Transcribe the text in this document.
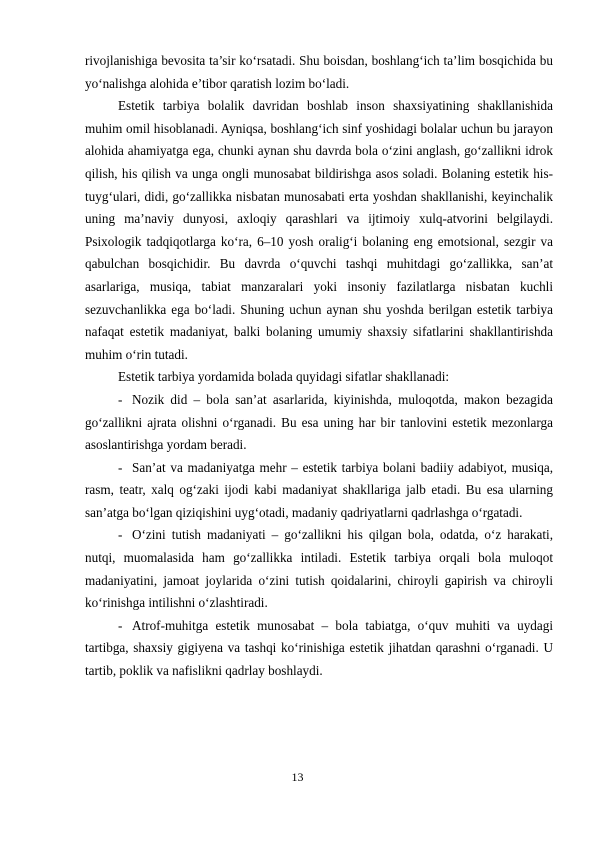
rivojlanishiga bevosita ta’sir ko‘rsatadi. Shu boisdan, boshlang‘ich ta’lim bosqichida bu yo‘nalishga alohida e’tibor qaratish lozim bo‘ladi.

Estetik tarbiya bolalik davridan boshlab inson shaxsiyatining shakllanishida muhim omil hisoblanadi. Ayniqsa, boshlang‘ich sinf yoshidagi bolalar uchun bu jarayon alohida ahamiyatga ega, chunki aynan shu davrda bola o‘zini anglash, go‘zallikni idrok qilish, his qilish va unga ongli munosabat bildirishga asos soladi. Bolaning estetik his-tuyg‘ulari, didi, go‘zallikka nisbatan munosabati erta yoshdan shakllanishi, keyinchalik uning ma’naviy dunyosi, axloqiy qarashlari va ijtimoiy xulq-atvorini belgilaydi. Psixologik tadqiqotlarga ko‘ra, 6–10 yosh oralig‘i bolaning eng emotsional, sezgir va qabulchan bosqichidir. Bu davrda o‘quvchi tashqi muhitdagi go‘zallikka, san’at asarlariga, musiqa, tabiat manzaralari yoki insoniy fazilatlarga nisbatan kuchli sezuvchanlikka ega bo‘ladi. Shuning uchun aynan shu yoshda berilgan estetik tarbiya nafaqat estetik madaniyat, balki bolaning umumiy shaxsiy sifatlarini shakllantirishda muhim o‘rin tutadi.

Estetik tarbiya yordamida bolada quyidagi sifatlar shakllanadi:

- Nozik did – bola san’at asarlarida, kiyinishda, muloqotda, makon bezagida go‘zallikni ajrata olishni o‘rganadi. Bu esa uning har bir tanlovini estetik mezonlarga asoslantirishga yordam beradi.

- San’at va madaniyatga mehr – estetik tarbiya bolani badiiy adabiyot, musiqa, rasm, teatr, xalq og‘zaki ijodi kabi madaniyat shakllariga jalb etadi. Bu esa ularning san’atga bo‘lgan qiziqishini uyg‘otadi, madaniy qadriyatlarni qadrlashga o‘rgatadi.

- O‘zini tutish madaniyati – go‘zallikni his qilgan bola, odatda, o‘z harakati, nutqi, muomalasida ham go‘zallikka intiladi. Estetik tarbiya orqali bola muloqot madaniyatini, jamoat joylarida o‘zini tutish qoidalarini, chiroyli gapirish va chiroyli ko‘rinishga intilishni o‘zlashtiradi.

- Atrof-muhitga estetik munosabat – bola tabiatga, o‘quv muhiti va uydagi tartibga, shaxsiy gigiyena va tashqi ko‘rinishiga estetik jihatdan qarashni o‘rganadi. U tartib, poklik va nafislikni qadrlay boshlaydi.

13
